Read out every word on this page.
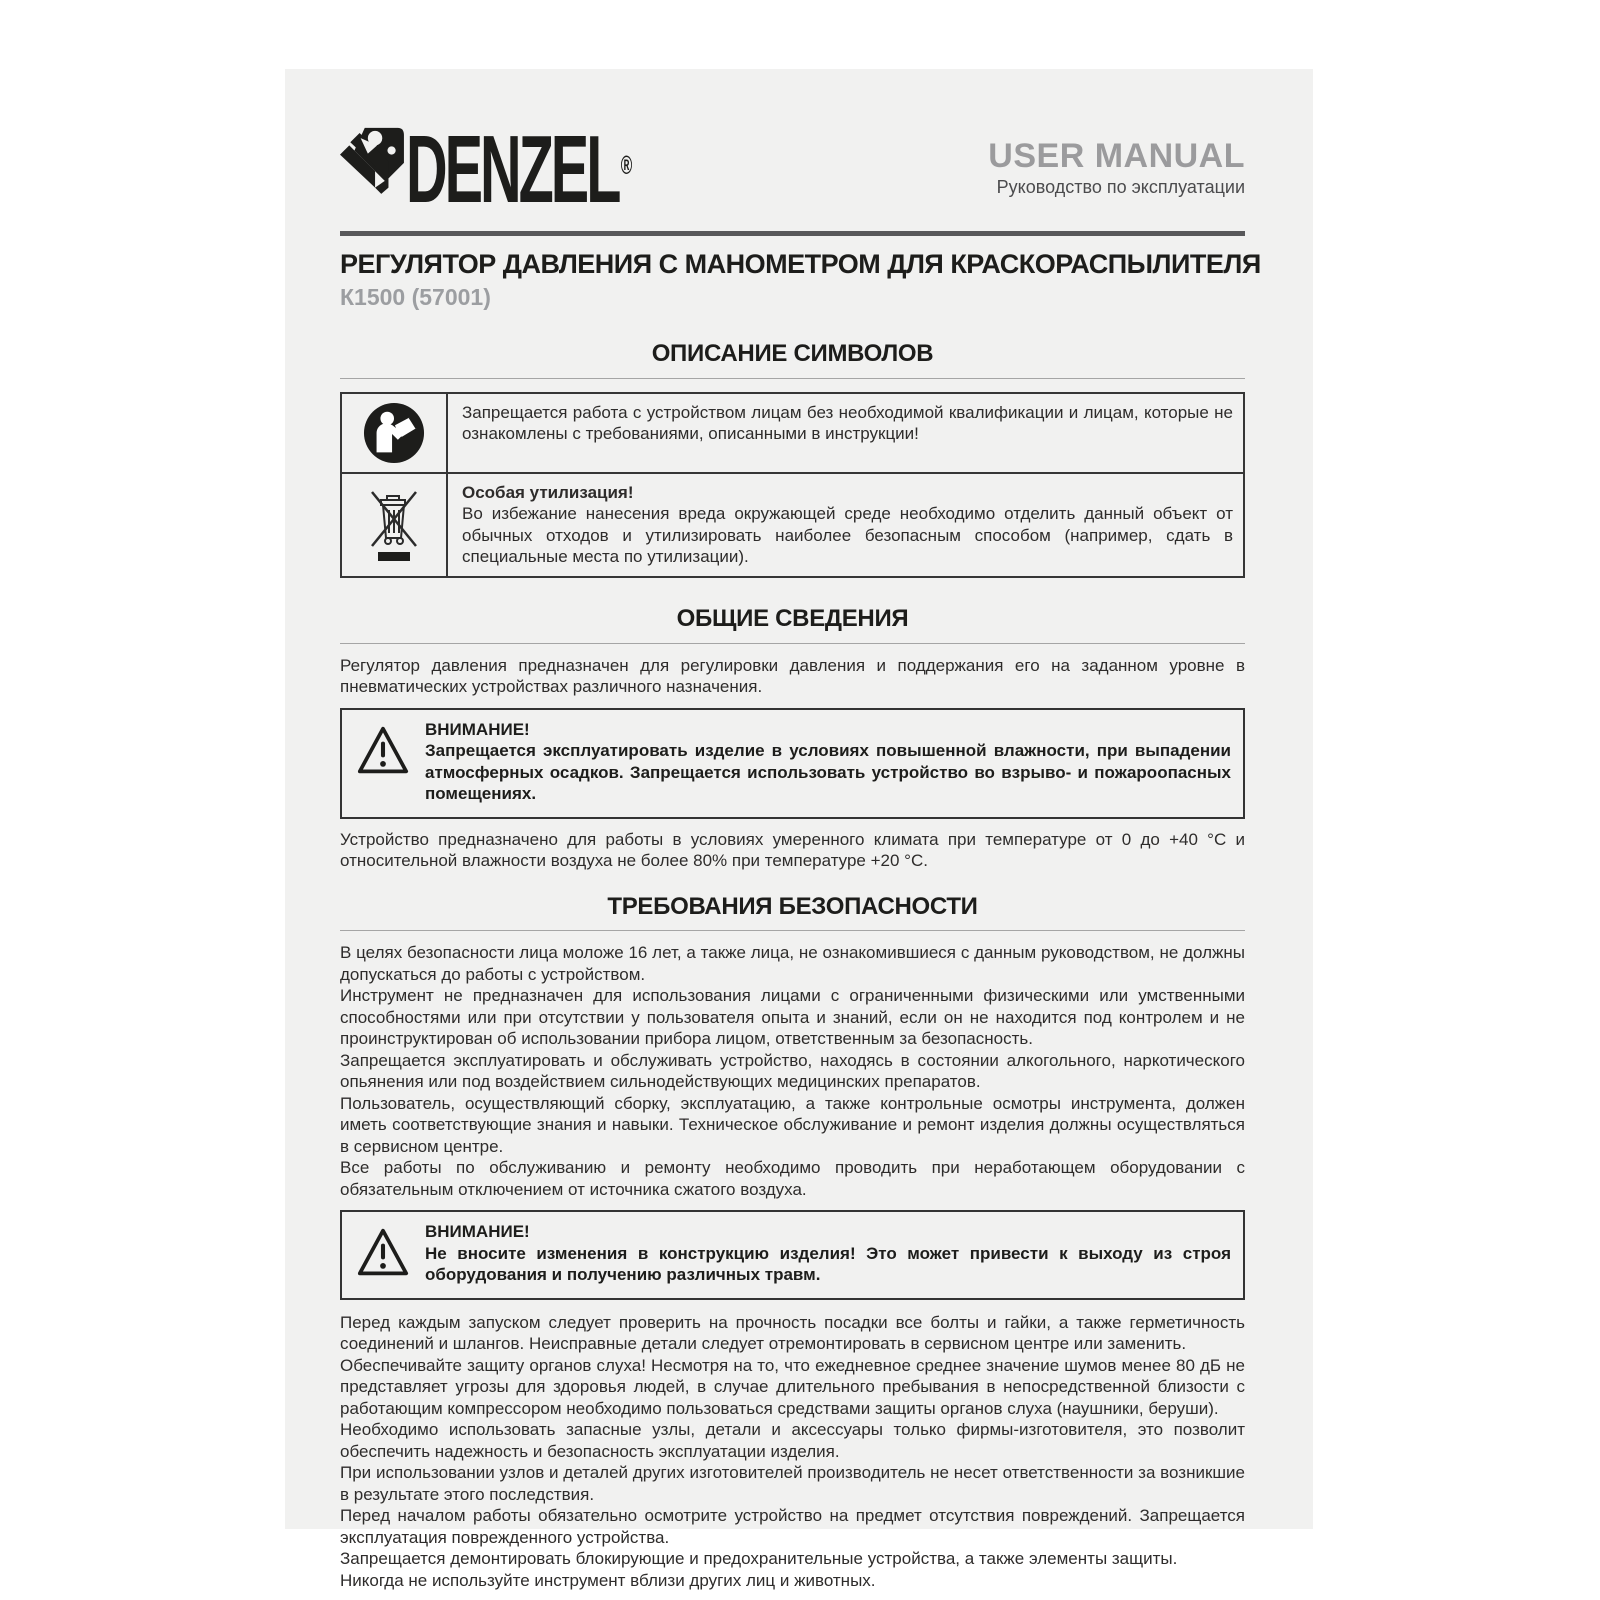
DENZEL®	USER MANUAL
Руководство по эксплуатации
РЕГУЛЯТОР ДАВЛЕНИЯ С МАНОМЕТРОМ ДЛЯ КРАСКОРАСПЫЛИТЕЛЯ
К1500 (57001)
ОПИСАНИЕ СИМВОЛОВ
Запрещается работа с устройством лицам без необходимой квалификации и лицам, которые не ознакомлены с требованиями, описанными в инструкции!
Особая утилизация!
Во избежание нанесения вреда окружающей среде необходимо отделить данный объект от обычных отходов и утилизировать наиболее безопасным способом (например, сдать в специальные места по утилизации).
ОБЩИЕ СВЕДЕНИЯ

Регулятор давления предназначен для регулировки давления и поддержания его на заданном уровне в пневматических устройствах различного назначения.

ВНИМАНИЕ!
Запрещается эксплуатировать изделие в условиях повышенной влажности, при выпадении атмосферных осадков. Запрещается использовать устройство во взрыво- и пожароопасных помещениях.

Устройство предназначено для работы в условиях умеренного климата при температуре от 0 до +40 °С и относительной влажности воздуха не более 80% при температуре +20 °С.

ТРЕБОВАНИЯ БЕЗОПАСНОСТИ

В целях безопасности лица моложе 16 лет, а также лица, не ознакомившиеся с данным руководством, не должны допускаться до работы с устройством.

Инструмент не предназначен для использования лицами с ограниченными физическими или умственными способностями или при отсутствии у пользователя опыта и знаний, если он не находится под контролем и не проинструктирован об использовании прибора лицом, ответственным за безопасность.

Запрещается эксплуатировать и обслуживать устройство, находясь в состоянии алкогольного, наркотического опьянения или под воздействием сильнодействующих медицинских препаратов.

Пользователь, осуществляющий сборку, эксплуатацию, а также контрольные осмотры инструмента, должен иметь соответствующие знания и навыки. Техническое обслуживание и ремонт изделия должны осуществляться в сервисном центре.

Все работы по обслуживанию и ремонту необходимо проводить при неработающем оборудовании с обязательным отключением от источника сжатого воздуха.

ВНИМАНИЕ!
Не вносите изменения в конструкцию изделия! Это может привести к выходу из строя оборудования и получению различных травм.

Перед каждым запуском следует проверить на прочность посадки все болты и гайки, а также герметичность соединений и шлангов. Неисправные детали следует отремонтировать в сервисном центре или заменить.

Обеспечивайте защиту органов слуха! Несмотря на то, что ежедневное среднее значение шумов менее 80 дБ не представляет угрозы для здоровья людей, в случае длительного пребывания в непосредственной близости с работающим компрессором необходимо пользоваться средствами защиты органов слуха (наушники, беруши).

Необходимо использовать запасные узлы, детали и аксессуары только фирмы-изготовителя, это позволит обеспечить надежность и безопасность эксплуатации изделия.

При использовании узлов и деталей других изготовителей производитель не несет ответственности за возникшие в результате этого последствия.

Перед началом работы обязательно осмотрите устройство на предмет отсутствия повреждений. Запрещается эксплуатация поврежденного устройства.

Запрещается демонтировать блокирующие и предохранительные устройства, а также элементы защиты.

Никогда не используйте инструмент вблизи других лиц и животных.
